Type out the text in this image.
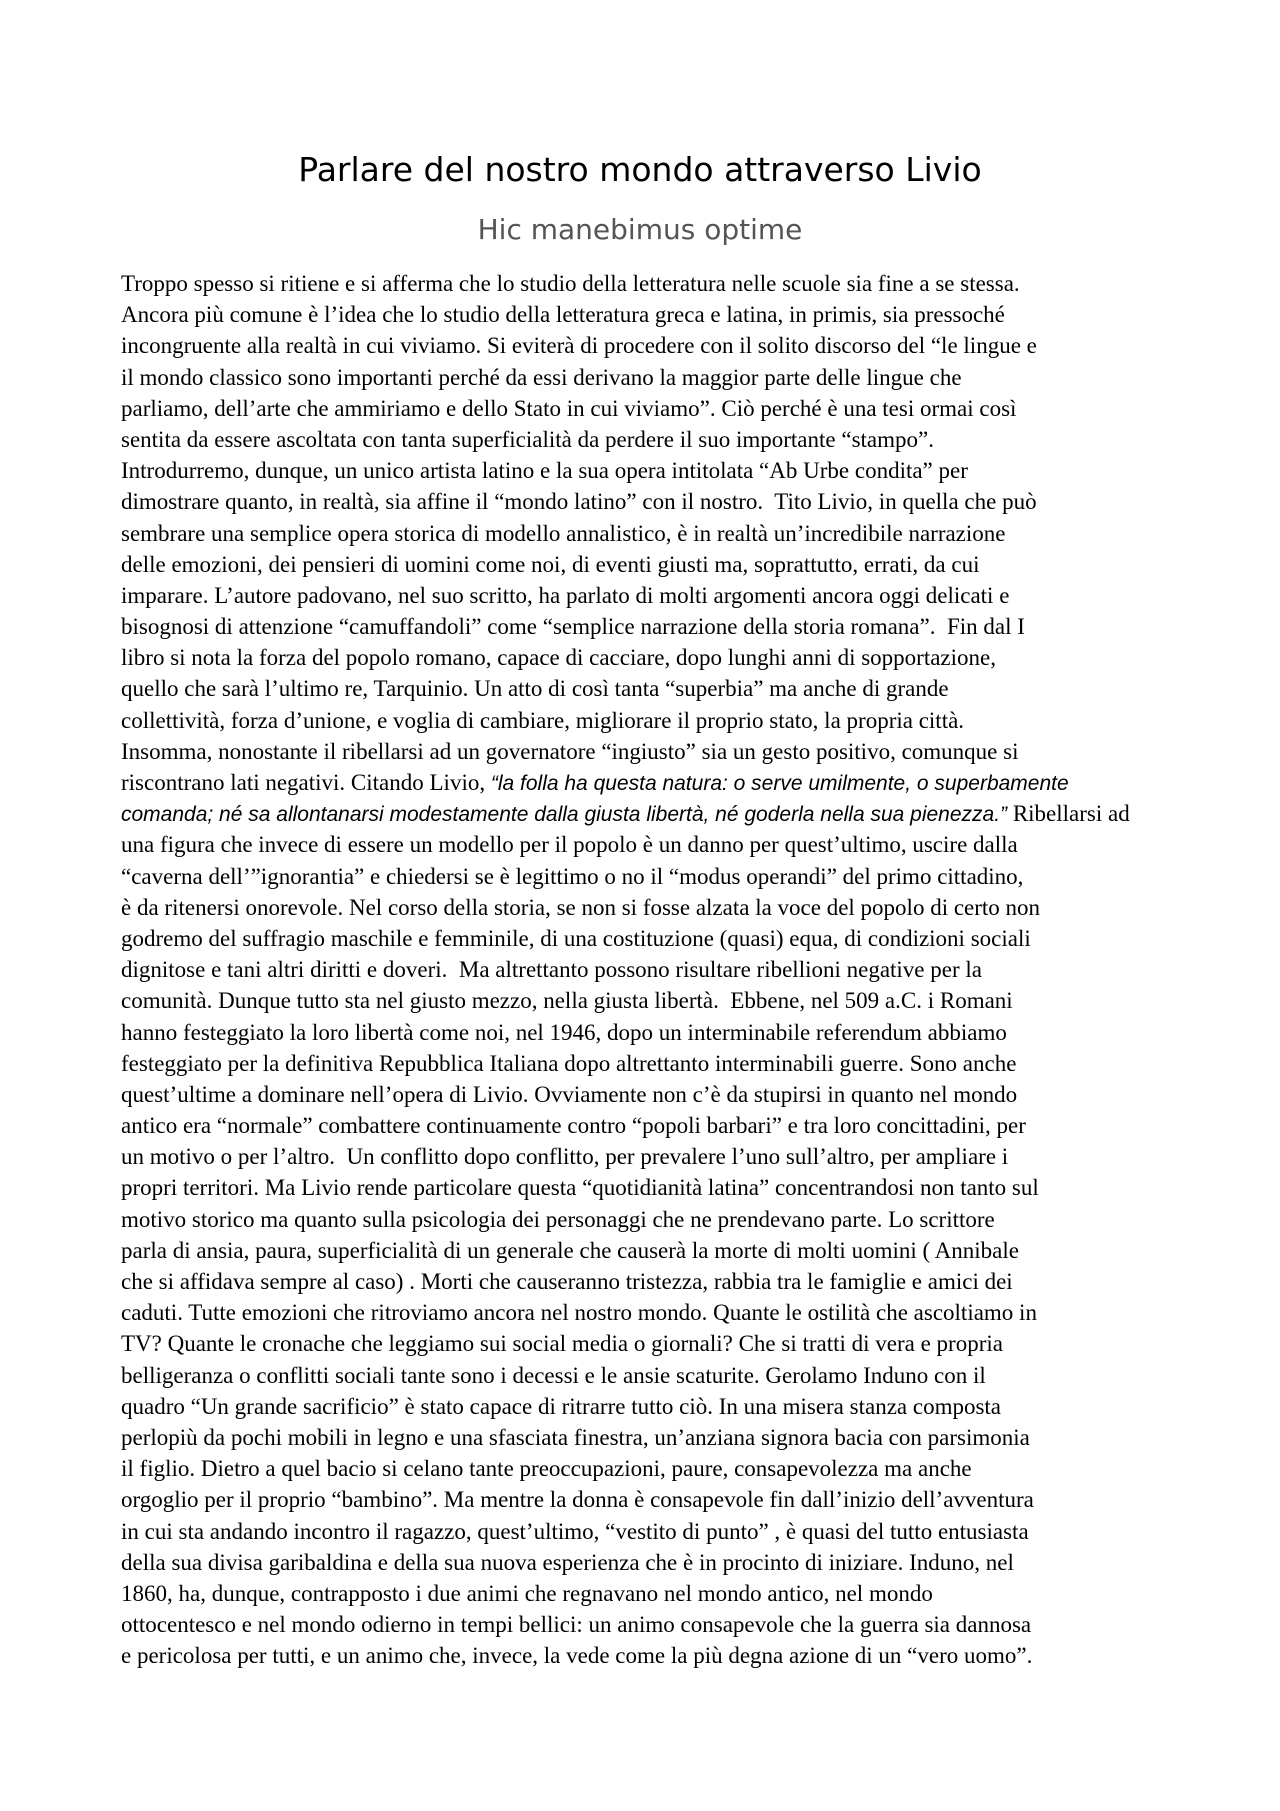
Parlare del nostro mondo attraverso Livio
Hic manebimus optime
Troppo spesso si ritiene e si afferma che lo studio della letteratura nelle scuole sia fine a se stessa.
Ancora più comune è l’idea che lo studio della letteratura greca e latina, in primis, sia pressoché
incongruente alla realtà in cui viviamo. Si eviterà di procedere con il solito discorso del “le lingue e
il mondo classico sono importanti perché da essi derivano la maggior parte delle lingue che
parliamo, dell’arte che ammiriamo e dello Stato in cui viviamo”. Ciò perché è una tesi ormai così
sentita da essere ascoltata con tanta superficialità da perdere il suo importante “stampo”.
Introdurremo, dunque, un unico artista latino e la sua opera intitolata “Ab Urbe condita” per
dimostrare quanto, in realtà, sia affine il “mondo latino” con il nostro.  Tito Livio, in quella che può
sembrare una semplice opera storica di modello annalistico, è in realtà un’incredibile narrazione
delle emozioni, dei pensieri di uomini come noi, di eventi giusti ma, soprattutto, errati, da cui
imparare. L’autore padovano, nel suo scritto, ha parlato di molti argomenti ancora oggi delicati e
bisognosi di attenzione “camuffandoli” come “semplice narrazione della storia romana”.  Fin dal I
libro si nota la forza del popolo romano, capace di cacciare, dopo lunghi anni di sopportazione,
quello che sarà l’ultimo re, Tarquinio. Un atto di così tanta “superbia” ma anche di grande
collettività, forza d’unione, e voglia di cambiare, migliorare il proprio stato, la propria città.
Insomma, nonostante il ribellarsi ad un governatore “ingiusto” sia un gesto positivo, comunque si
riscontrano lati negativi. Citando Livio, “la folla ha questa natura: o serve umilmente, o superbamente
comanda; né sa allontanarsi modestamente dalla giusta libertà, né goderla nella sua pienezza.” Ribellarsi ad
una figura che invece di essere un modello per il popolo è un danno per quest’ultimo, uscire dalla
“caverna dell’”ignorantia” e chiedersi se è legittimo o no il “modus operandi” del primo cittadino,
è da ritenersi onorevole. Nel corso della storia, se non si fosse alzata la voce del popolo di certo non
godremo del suffragio maschile e femminile, di una costituzione (quasi) equa, di condizioni sociali
dignitose e tani altri diritti e doveri.  Ma altrettanto possono risultare ribellioni negative per la
comunità. Dunque tutto sta nel giusto mezzo, nella giusta libertà.  Ebbene, nel 509 a.C. i Romani
hanno festeggiato la loro libertà come noi, nel 1946, dopo un interminabile referendum abbiamo
festeggiato per la definitiva Repubblica Italiana dopo altrettanto interminabili guerre. Sono anche
quest’ultime a dominare nell’opera di Livio. Ovviamente non c’è da stupirsi in quanto nel mondo
antico era “normale” combattere continuamente contro “popoli barbari” e tra loro concittadini, per
un motivo o per l’altro.  Un conflitto dopo conflitto, per prevalere l’uno sull’altro, per ampliare i
propri territori. Ma Livio rende particolare questa “quotidianità latina” concentrandosi non tanto sul
motivo storico ma quanto sulla psicologia dei personaggi che ne prendevano parte. Lo scrittore
parla di ansia, paura, superficialità di un generale che causerà la morte di molti uomini ( Annibale
che si affidava sempre al caso) . Morti che causeranno tristezza, rabbia tra le famiglie e amici dei
caduti. Tutte emozioni che ritroviamo ancora nel nostro mondo. Quante le ostilità che ascoltiamo in
TV? Quante le cronache che leggiamo sui social media o giornali? Che si tratti di vera e propria
belligeranza o conflitti sociali tante sono i decessi e le ansie scaturite. Gerolamo Induno con il
quadro “Un grande sacrificio” è stato capace di ritrarre tutto ciò. In una misera stanza composta
perlopiù da pochi mobili in legno e una sfasciata finestra, un’anziana signora bacia con parsimonia
il figlio. Dietro a quel bacio si celano tante preoccupazioni, paure, consapevolezza ma anche
orgoglio per il proprio “bambino”. Ma mentre la donna è consapevole fin dall’inizio dell’avventura
in cui sta andando incontro il ragazzo, quest’ultimo, “vestito di punto” , è quasi del tutto entusiasta
della sua divisa garibaldina e della sua nuova esperienza che è in procinto di iniziare. Induno, nel
1860, ha, dunque, contrapposto i due animi che regnavano nel mondo antico, nel mondo
ottocentesco e nel mondo odierno in tempi bellici: un animo consapevole che la guerra sia dannosa
e pericolosa per tutti, e un animo che, invece, la vede come la più degna azione di un “vero uomo”.
